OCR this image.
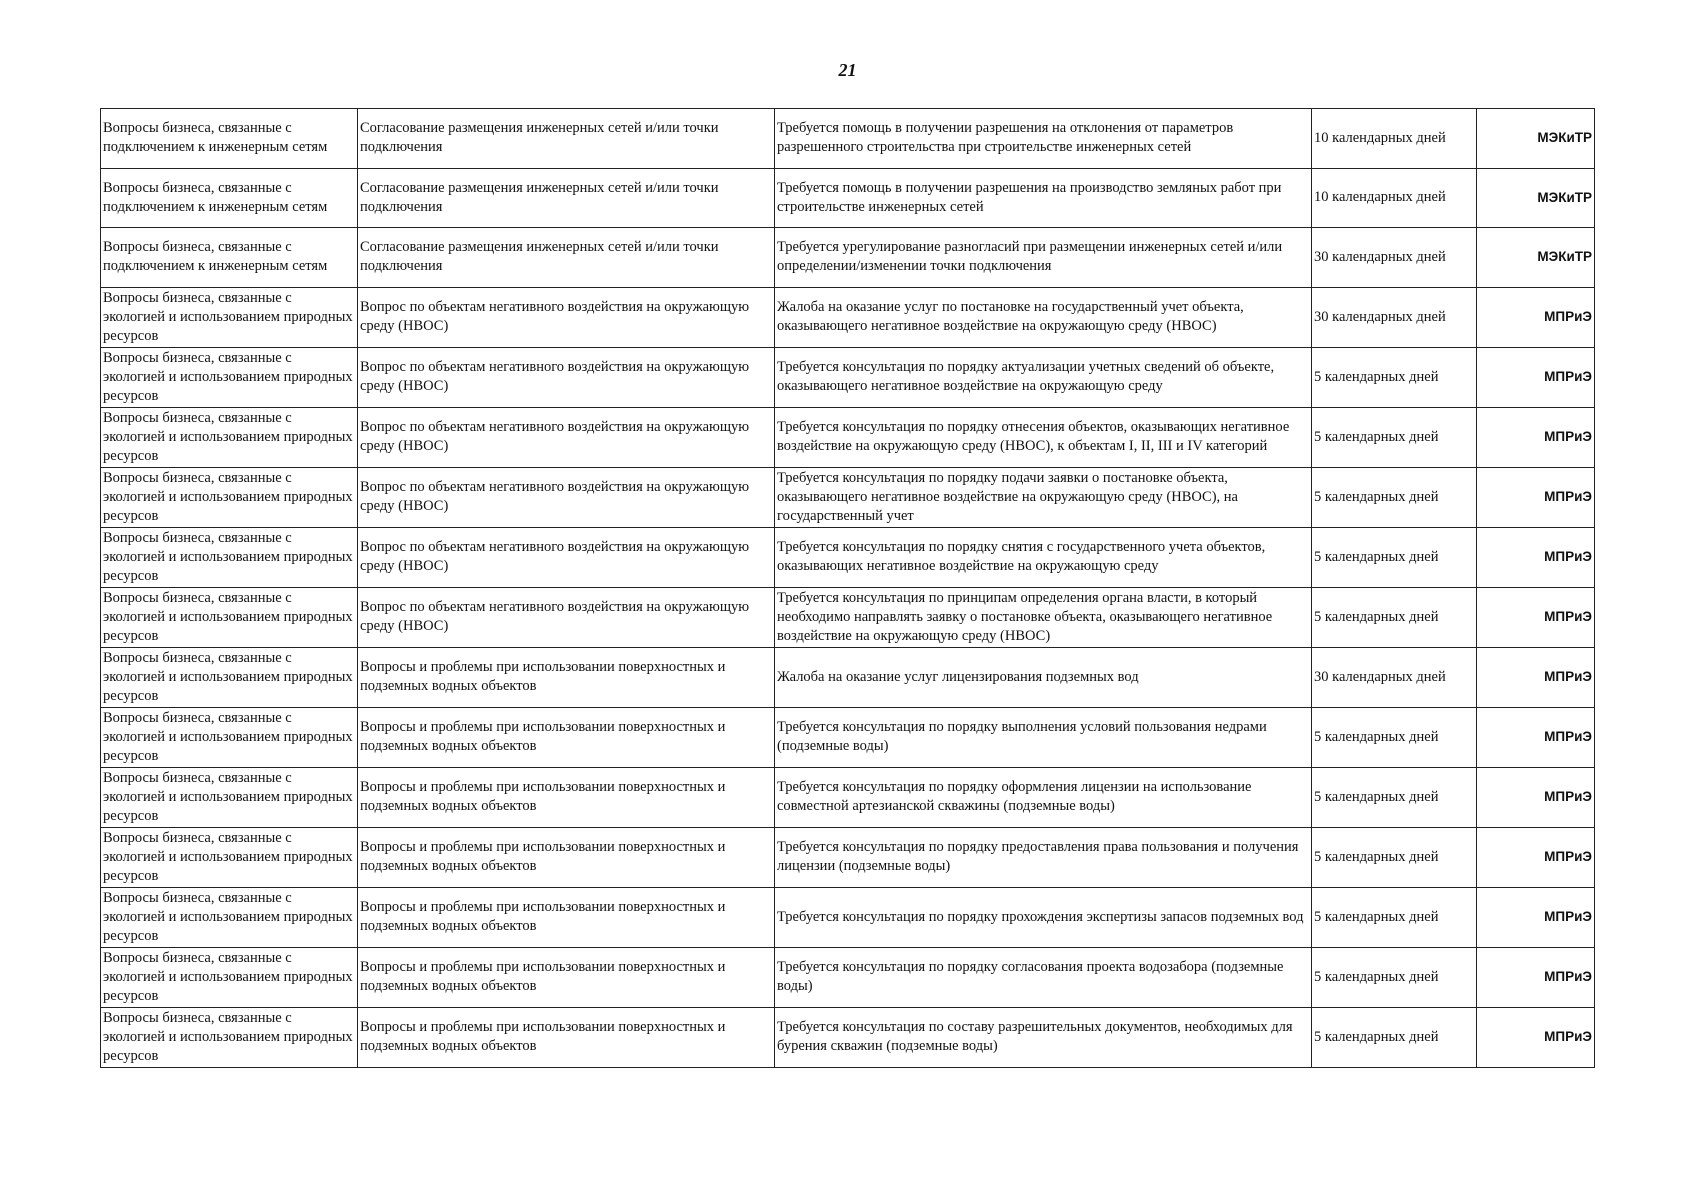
21
Вопросы бизнеса, связанные с подключением к инженерным сетям	Согласование размещения инженерных сетей и/или точки подключения	Требуется помощь в получении разрешения на отклонения от параметров разрешенного строительства при строительстве инженерных сетей	10 календарных дней	МЭКиТР
Вопросы бизнеса, связанные с подключением к инженерным сетям	Согласование размещения инженерных сетей и/или точки подключения	Требуется помощь в получении разрешения на производство земляных работ при строительстве инженерных сетей	10 календарных дней	МЭКиТР
Вопросы бизнеса, связанные с подключением к инженерным сетям	Согласование размещения инженерных сетей и/или точки подключения	Требуется урегулирование разногласий при размещении инженерных сетей и/или определении/изменении точки подключения	30 календарных дней	МЭКиТР
Вопросы бизнеса, связанные с экологией и использованием природных ресурсов	Вопрос по объектам негативного воздействия на окружающую среду (НВОС)	Жалоба на оказание услуг по постановке на государственный учет объекта, оказывающего негативное воздействие на окружающую среду (НВОС)	30 календарных дней	МПРиЭ
Вопросы бизнеса, связанные с экологией и использованием природных ресурсов	Вопрос по объектам негативного воздействия на окружающую среду (НВОС)	Требуется консультация по порядку актуализации учетных сведений об объекте, оказывающего негативное воздействие на окружающую среду	5 календарных дней	МПРиЭ
Вопросы бизнеса, связанные с экологией и использованием природных ресурсов	Вопрос по объектам негативного воздействия на окружающую среду (НВОС)	Требуется консультация по порядку отнесения объектов, оказывающих негативное воздействие на окружающую среду (НВОС), к объектам I, II, III и IV категорий	5 календарных дней	МПРиЭ
Вопросы бизнеса, связанные с экологией и использованием природных ресурсов	Вопрос по объектам негативного воздействия на окружающую среду (НВОС)	Требуется консультация по порядку подачи заявки о постановке объекта, оказывающего негативное воздействие на окружающую среду (НВОС), на государственный учет	5 календарных дней	МПРиЭ
Вопросы бизнеса, связанные с экологией и использованием природных ресурсов	Вопрос по объектам негативного воздействия на окружающую среду (НВОС)	Требуется консультация по порядку снятия с государственного учета объектов, оказывающих негативное воздействие на окружающую среду	5 календарных дней	МПРиЭ
Вопросы бизнеса, связанные с экологией и использованием природных ресурсов	Вопрос по объектам негативного воздействия на окружающую среду (НВОС)	Требуется консультация по принципам определения органа власти, в который необходимо направлять заявку о постановке объекта, оказывающего негативное воздействие на окружающую среду (НВОС)	5 календарных дней	МПРиЭ
Вопросы бизнеса, связанные с экологией и использованием природных ресурсов	Вопросы и проблемы при использовании поверхностных и подземных водных объектов	Жалоба на оказание услуг лицензирования подземных вод	30 календарных дней	МПРиЭ
Вопросы бизнеса, связанные с экологией и использованием природных ресурсов	Вопросы и проблемы при использовании поверхностных и подземных водных объектов	Требуется консультация по порядку выполнения условий пользования недрами (подземные воды)	5 календарных дней	МПРиЭ
Вопросы бизнеса, связанные с экологией и использованием природных ресурсов	Вопросы и проблемы при использовании поверхностных и подземных водных объектов	Требуется консультация по порядку оформления лицензии на использование совместной артезианской скважины (подземные воды)	5 календарных дней	МПРиЭ
Вопросы бизнеса, связанные с экологией и использованием природных ресурсов	Вопросы и проблемы при использовании поверхностных и подземных водных объектов	Требуется консультация по порядку предоставления права пользования и получения лицензии (подземные воды)	5 календарных дней	МПРиЭ
Вопросы бизнеса, связанные с экологией и использованием природных ресурсов	Вопросы и проблемы при использовании поверхностных и подземных водных объектов	Требуется консультация по порядку прохождения экспертизы запасов подземных вод	5 календарных дней	МПРиЭ
Вопросы бизнеса, связанные с экологией и использованием природных ресурсов	Вопросы и проблемы при использовании поверхностных и подземных водных объектов	Требуется консультация по порядку согласования проекта водозабора (подземные воды)	5 календарных дней	МПРиЭ
Вопросы бизнеса, связанные с экологией и использованием природных ресурсов	Вопросы и проблемы при использовании поверхностных и подземных водных объектов	Требуется консультация по составу разрешительных документов, необходимых для бурения скважин (подземные воды)	5 календарных дней	МПРиЭ
